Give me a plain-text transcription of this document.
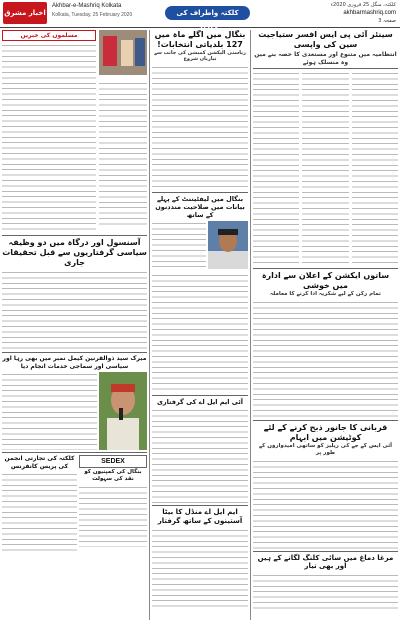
اخبار مشرق
Akhbar-e-Mashriq Kolkata
Kolkata, Tuesday, 25 February 2020	کلکتہ واطراف کی خبریں
کلکتہ، منگل 25 فروری 2020ء
akhbarmashriq.com
صفحہ 3
سینئر آئی پی ایس افسر ستیاجیت سین کی واپسی
انتظامیہ میں متنوع اور مستعدی کا حصہ بنے میں وہ منسلک ہوئے
ساتوں ایکشن کے اعلان سے ادارہ میں خوشی
تمام رکن کے لیے شکریہ ادا کرنے کا معاملہ
قربانی کا جانور ذبح کرنے کے لئے کوٹیشن میں ابہام
آئی ایس کے جے کی ریلیز کو ساتھی امیدواروں کے طور پر
مرغا دماغ میں سائی کلنگ لگانے کے ہیں اور بھی تیار
بنگال میں اگلے ماہ میں 127 بلدیاتی انتخابات!
ریاستی الیکشن کمیشن کی جانب سے تیاریاں شروع
بنگال میں لیفٹیننٹ کے پہلے بیانات میں صلاحیت منددنوں کے ساتھ
آئی ایم ایل اے کی گرفتاری
ایم ایل اے منڈل کا بیٹا آستینوں کے ساتھ گرفتار
مسلموں کی خبریں
آسنسول اور درگاہ میں دو وظیفہ سیاسی گرفتاریوں سے قبل تحقیقات جاری
میرک سید ذوالقرنین کیمل نمبر میں بھی رہا اور سیاسی اور سماجی خدمات انجام دیا
کلکتہ کی تجارتی انجمن کی پریس کانفرنس
SEDEX
بنگال کی کمپنیوں کو نقد کی سہولت
